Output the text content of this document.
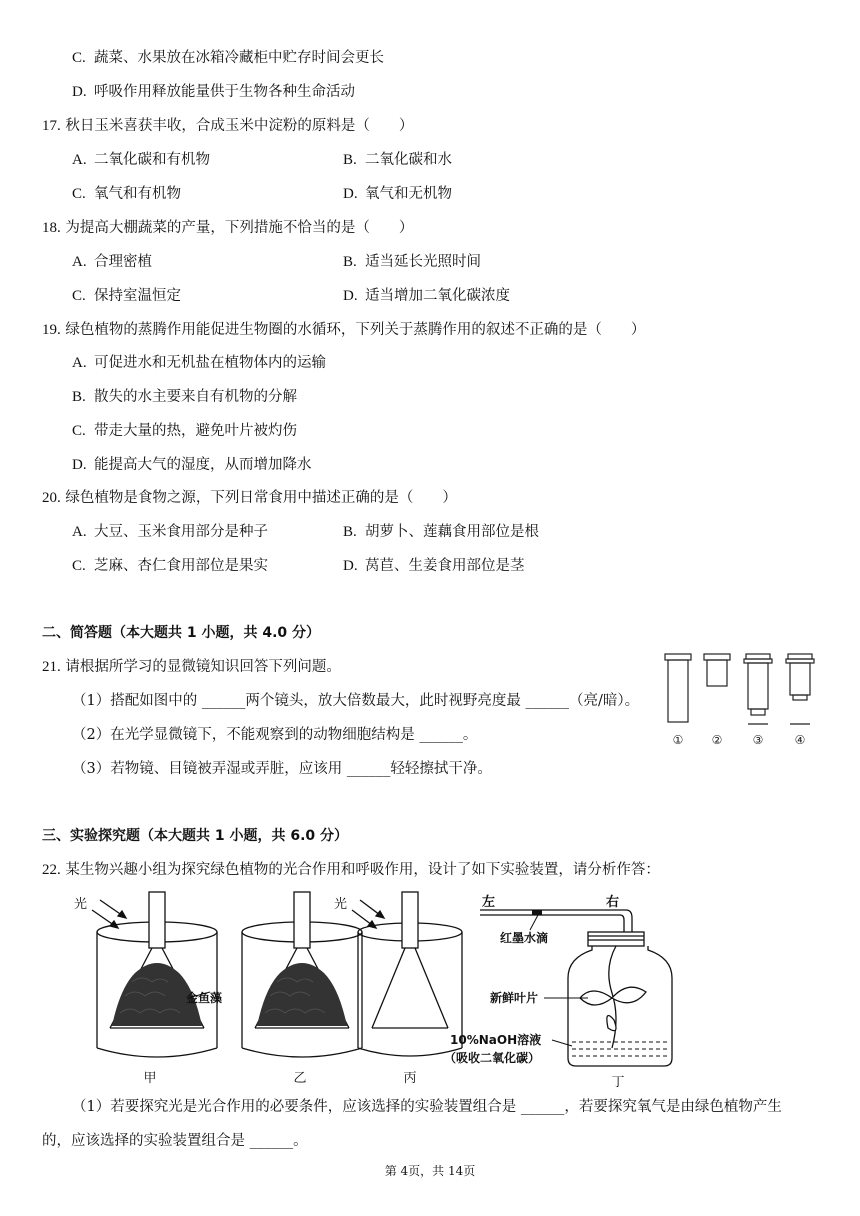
C. 蔬菜、水果放在冰箱冷藏柜中贮存时间会更长
D. 呼吸作用释放能量供于生物各种生命活动
17. 秋日玉米喜获丰收，合成玉米中淀粉的原料是（　　）
A. 二氧化碳和有机物	B. 二氧化碳和水
C. 氧气和有机物	D. 氧气和无机物
18. 为提高大棚蔬菜的产量，下列措施不恰当的是（　　）
A. 合理密植	B. 适当延长光照时间
C. 保持室温恒定	D. 适当增加二氧化碳浓度
19. 绿色植物的蒸腾作用能促进生物圈的水循环，下列关于蒸腾作用的叙述不正确的是（　　）
A. 可促进水和无机盐在植物体内的运输
B. 散失的水主要来自有机物的分解
C. 带走大量的热，避免叶片被灼伤
D. 能提高大气的湿度，从而增加降水
20. 绿色植物是食物之源，下列日常食用中描述正确的是（　　）
A. 大豆、玉米食用部分是种子	B. 胡萝卜、莲藕食用部位是根
C. 芝麻、杏仁食用部位是果实	D. 莴苣、生姜食用部位是茎
二、简答题（本大题共 1 小题，共 4.0 分）
21. 请根据所学习的显微镜知识回答下列问题。
（1）搭配如图中的 ______两个镜头，放大倍数最大，此时视野亮度最 ______（亮/暗）。
（2）在光学显微镜下，不能观察到的动物细胞结构是 ______。
（3）若物镜、目镜被弄湿或弄脏，应该用 ______轻轻擦拭干净。
① ②	③	④
三、实验探究题（本大题共 1 小题，共 6.0 分）
22. 某生物兴趣小组为探究绿色植物的光合作用和呼吸作用，设计了如下实验装置，请分析作答：
光
甲
金鱼藻
乙
光
丙
左	右
红墨水滴
新鲜叶片
10%NaOH溶液
（吸收二氧化碳）
丁
（1）若要探究光是光合作用的必要条件，应该选择的实验装置组合是 ______，若要探究氧气是由绿色植物产生
的，应该选择的实验装置组合是 ______。
第 4页，共 14页
